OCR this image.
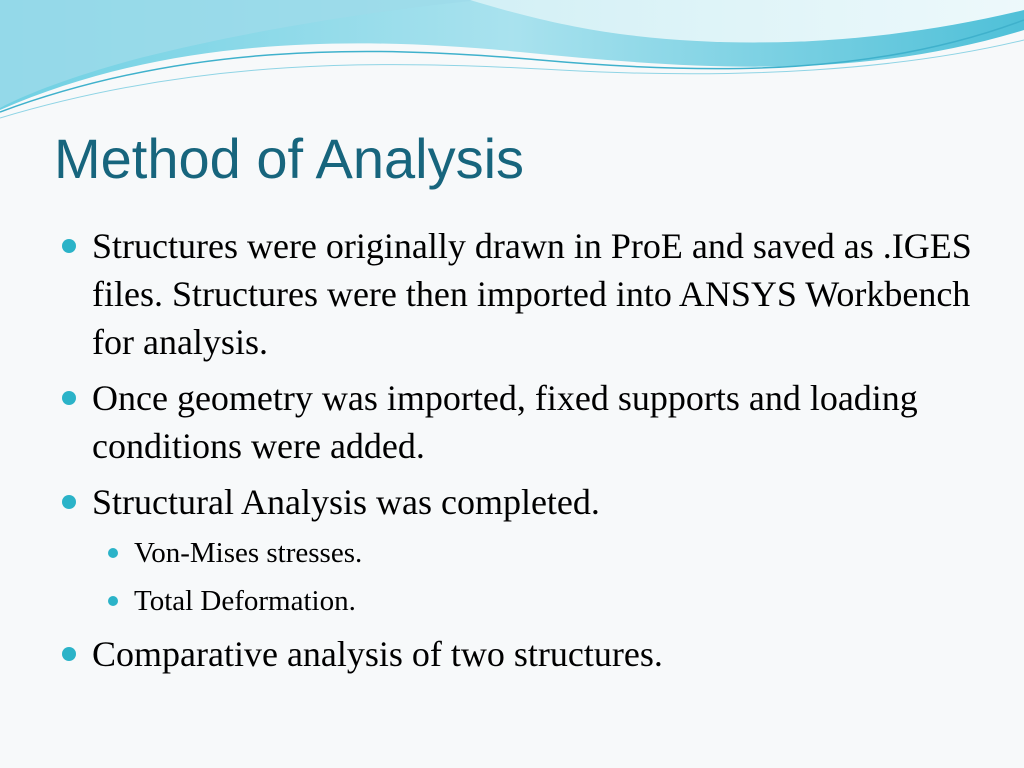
Method of Analysis
Structures were originally drawn in ProE and saved as .IGES files. Structures were then imported into ANSYS Workbench for analysis.
Once geometry was imported, fixed supports and loading conditions were added.
Structural Analysis was completed.
Von-Mises stresses.
Total Deformation.
Comparative analysis of two structures.
